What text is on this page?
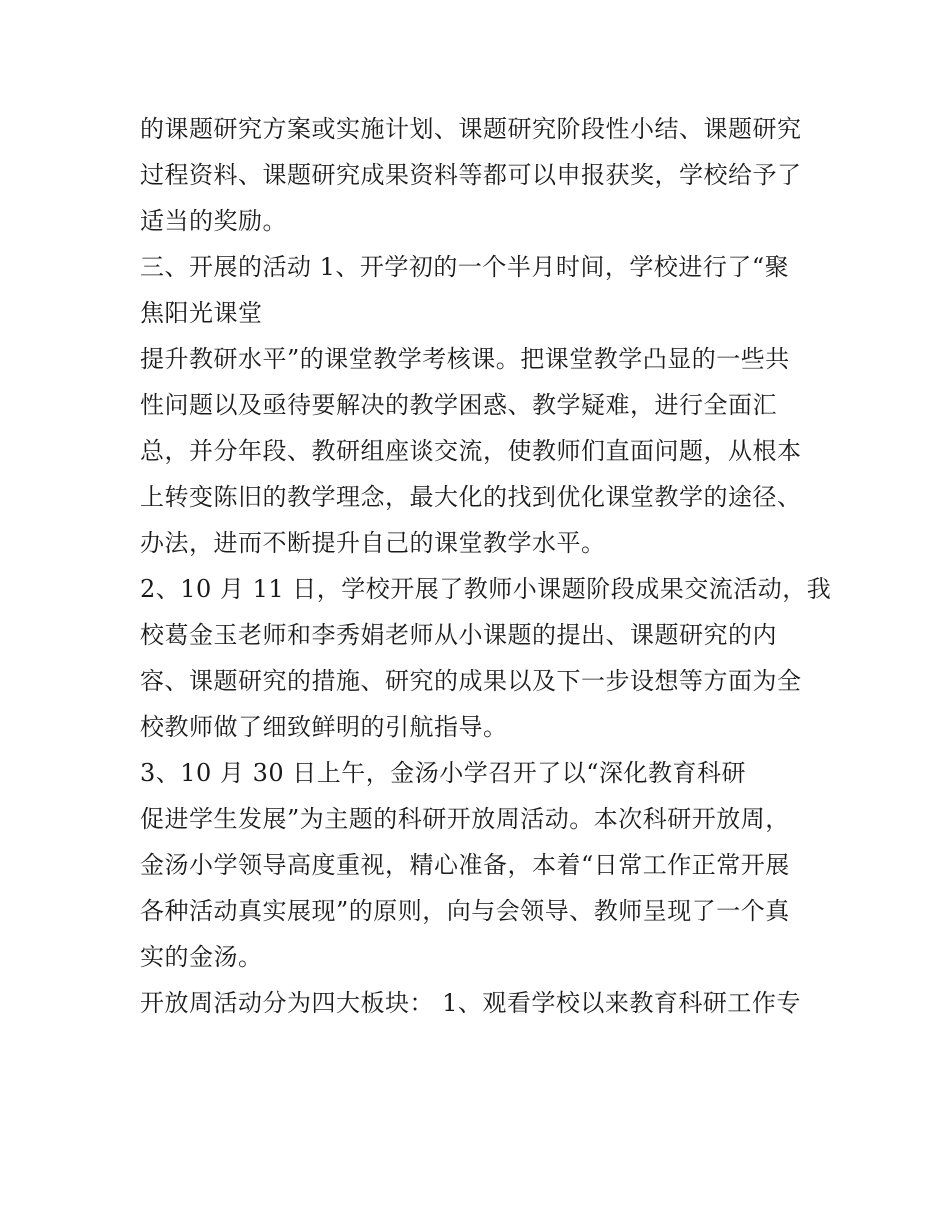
的课题研究方案或实施计划、课题研究阶段性小结、课题研究

过程资料、课题研究成果资料等都可以申报获奖，学校给予了

适当的奖励。

三、开展的活动 1、开学初的一个半月时间，学校进行了“聚

焦阳光课堂

提升教研水平”的课堂教学考核课。把课堂教学凸显的一些共

性问题以及亟待要解决的教学困惑、教学疑难，进行全面汇

总，并分年段、教研组座谈交流，使教师们直面问题，从根本

上转变陈旧的教学理念，最大化的找到优化课堂教学的途径、

办法，进而不断提升自己的课堂教学水平。

2、10 月 11 日，学校开展了教师小课题阶段成果交流活动，我

校葛金玉老师和李秀娟老师从小课题的提出、课题研究的内

容、课题研究的措施、研究的成果以及下一步设想等方面为全

校教师做了细致鲜明的引航指导。

3、10 月 30 日上午，金汤小学召开了以“深化教育科研

促进学生发展”为主题的科研开放周活动。本次科研开放周，

金汤小学领导高度重视，精心准备，本着“日常工作正常开展

各种活动真实展现”的原则，向与会领导、教师呈现了一个真

实的金汤。

开放周活动分为四大板块： 1、观看学校以来教育科研工作专
